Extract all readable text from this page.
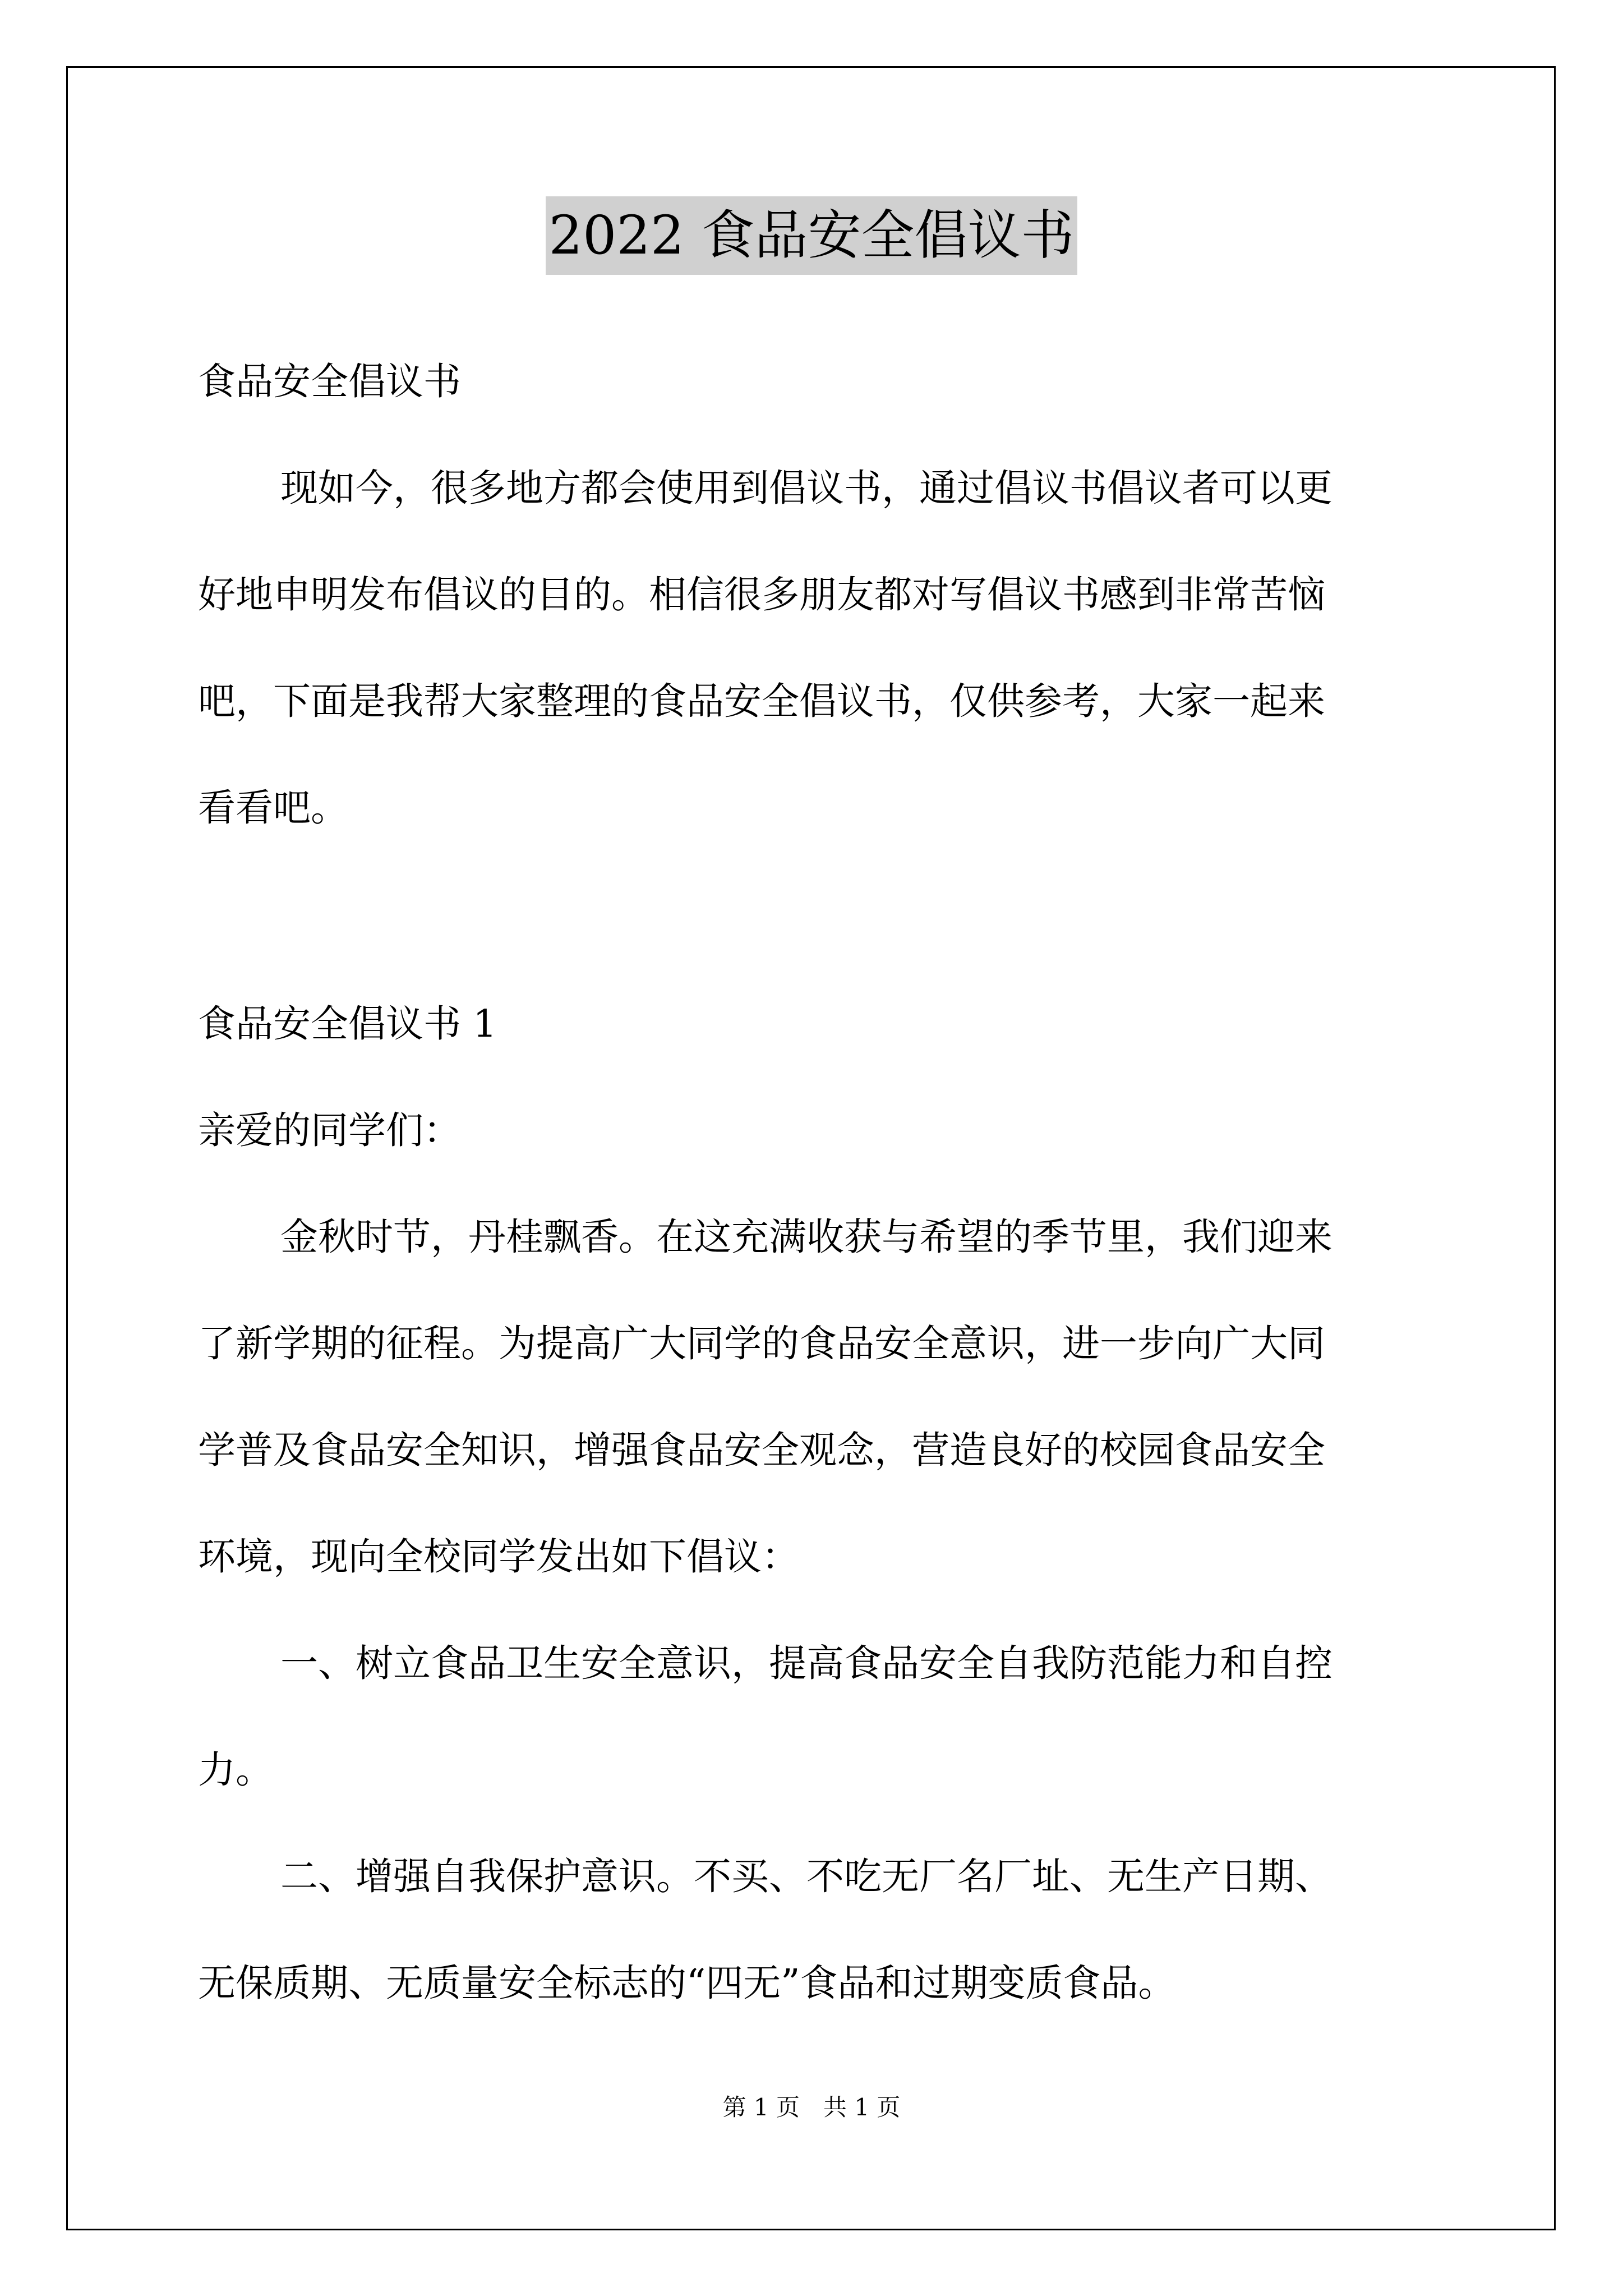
2022 食品安全倡议书
食品安全倡议书
现如今，很多地方都会使用到倡议书，通过倡议书倡议者可以更
好地申明发布倡议的目的。相信很多朋友都对写倡议书感到非常苦恼
吧，下面是我帮大家整理的食品安全倡议书，仅供参考，大家一起来
看看吧。
食品安全倡议书 1
亲爱的同学们：
金秋时节，丹桂飘香。在这充满收获与希望的季节里，我们迎来
了新学期的征程。为提高广大同学的食品安全意识，进一步向广大同
学普及食品安全知识，增强食品安全观念，营造良好的校园食品安全
环境，现向全校同学发出如下倡议：
一、树立食品卫生安全意识，提高食品安全自我防范能力和自控
力。
二、增强自我保护意识。不买、不吃无厂名厂址、无生产日期、
无保质期、无质量安全标志的“四无”食品和过期变质食品。
第 1 页　共 1 页
